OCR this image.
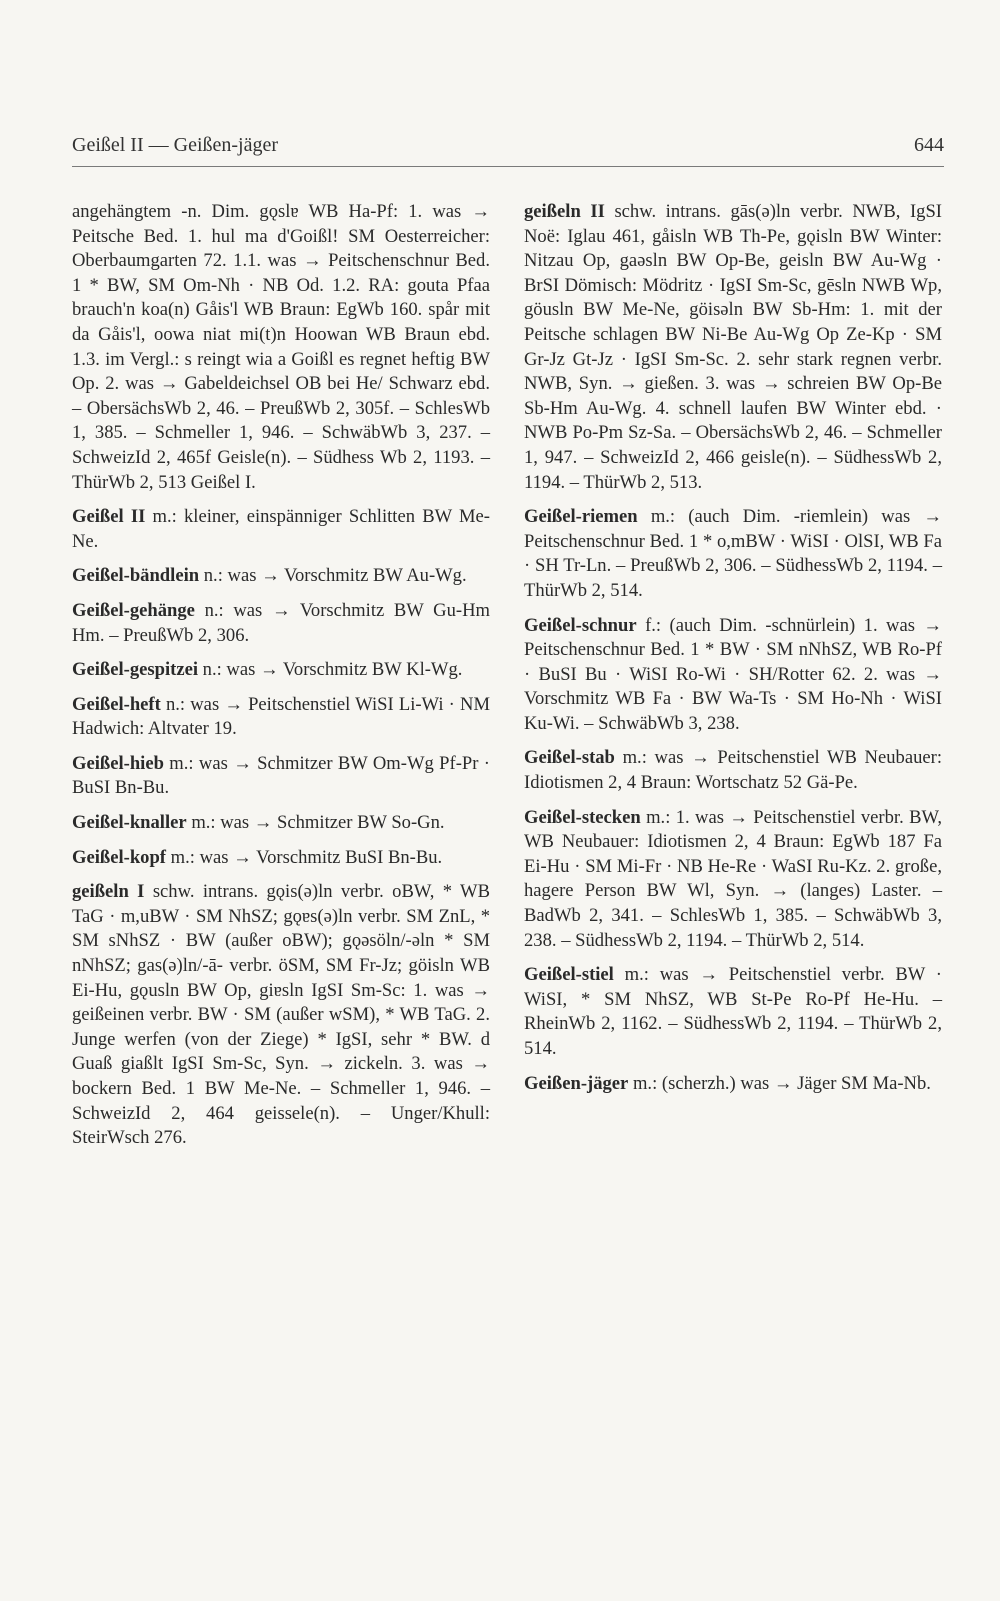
Geißel II — Geißen-jäger	644

angehängtem -n. Dim. gǫslɐ WB Ha-Pf: 1. was → Peitsche Bed. 1. hul ma d'Goißl! SM Oesterreicher: Oberbaumgarten 72. 1.1. was → Peitschenschnur Bed. 1 * BW, SM Om-Nh · NB Od. 1.2. RA: gouta Pfaa brauch'n koa(n) Gåis'l WB Braun: EgWb 160. spår mit da Gåis'l, oowa niat mi(t)n Hoowan WB Braun ebd. 1.3. im Vergl.: s reingt wia a Goißl es regnet heftig BW Op. 2. was → Gabeldeichsel OB bei He/ Schwarz ebd. – ObersächsWb 2, 46. – PreußWb 2, 305f. – SchlesWb 1, 385. – Schmeller 1, 946. – SchwäbWb 3, 237. – SchweizId 2, 465f Geisle(n). – Südhess Wb 2, 1193. – ThürWb 2, 513 Geißel I.

Geißel II m.: kleiner, einspänniger Schlitten BW Me-Ne.

Geißel-bändlein n.: was → Vorschmitz BW Au-Wg.

Geißel-gehänge n.: was → Vorschmitz BW Gu-Hm Hm. – PreußWb 2, 306.

Geißel-gespitzei n.: was → Vorschmitz BW Kl-Wg.

Geißel-heft n.: was → Peitschenstiel WiSI Li-Wi · NM Hadwich: Altvater 19.

Geißel-hieb m.: was → Schmitzer BW Om-Wg Pf-Pr · BuSI Bn-Bu.

Geißel-knaller m.: was → Schmitzer BW So-Gn.

Geißel-kopf m.: was → Vorschmitz BuSI Bn-Bu.

geißeln I schw. intrans. gǫis(ə)ln verbr. oBW, * WB TaG · m,uBW · SM NhSZ; gǫɐs(ə)ln verbr. SM ZnL, * SM sNhSZ · BW (außer oBW); gǫəsöln/-əln * SM nNhSZ; gas(ə)ln/-ā- verbr. öSM, SM Fr-Jz; göisln WB Ei-Hu, gǫusln BW Op, giɐsln IgSI Sm-Sc: 1. was → geißeinen verbr. BW · SM (außer wSM), * WB TaG. 2. Junge werfen (von der Ziege) * IgSI, sehr * BW. d Guaß giaßlt IgSI Sm-Sc, Syn. → zickeln. 3. was → bockern Bed. 1 BW Me-Ne. – Schmeller 1, 946. – SchweizId 2, 464 geissele(n). – Unger/Khull: SteirWsch 276.

geißeln II schw. intrans. gās(ə)ln verbr. NWB, IgSI Noë: Iglau 461, gåisln WB Th-Pe, gǫisln BW Winter: Nitzau Op, gaəsln BW Op-Be, geisln BW Au-Wg · BrSI Dömisch: Mödritz · IgSI Sm-Sc, gēsln NWB Wp, göusln BW Me-Ne, göisəln BW Sb-Hm: 1. mit der Peitsche schlagen BW Ni-Be Au-Wg Op Ze-Kp · SM Gr-Jz Gt-Jz · IgSI Sm-Sc. 2. sehr stark regnen verbr. NWB, Syn. → gießen. 3. was → schreien BW Op-Be Sb-Hm Au-Wg. 4. schnell laufen BW Winter ebd. · NWB Po-Pm Sz-Sa. – ObersächsWb 2, 46. – Schmeller 1, 947. – SchweizId 2, 466 geisle(n). – SüdhessWb 2, 1194. – ThürWb 2, 513.

Geißel-riemen m.: (auch Dim. -riemlein) was → Peitschenschnur Bed. 1 * o,mBW · WiSI · OlSI, WB Fa · SH Tr-Ln. – PreußWb 2, 306. – SüdhessWb 2, 1194. – ThürWb 2, 514.

Geißel-schnur f.: (auch Dim. -schnürlein) 1. was → Peitschenschnur Bed. 1 * BW · SM nNhSZ, WB Ro-Pf · BuSI Bu · WiSI Ro-Wi · SH/Rotter 62. 2. was → Vorschmitz WB Fa · BW Wa-Ts · SM Ho-Nh · WiSI Ku-Wi. – SchwäbWb 3, 238.

Geißel-stab m.: was → Peitschenstiel WB Neubauer: Idiotismen 2, 4 Braun: Wortschatz 52 Gä-Pe.

Geißel-stecken m.: 1. was → Peitschenstiel verbr. BW, WB Neubauer: Idiotismen 2, 4 Braun: EgWb 187 Fa Ei-Hu · SM Mi-Fr · NB He-Re · WaSI Ru-Kz. 2. große, hagere Person BW Wl, Syn. → (langes) Laster. – BadWb 2, 341. – SchlesWb 1, 385. – SchwäbWb 3, 238. – SüdhessWb 2, 1194. – ThürWb 2, 514.

Geißel-stiel m.: was → Peitschenstiel verbr. BW · WiSI, * SM NhSZ, WB St-Pe Ro-Pf He-Hu. – RheinWb 2, 1162. – SüdhessWb 2, 1194. – ThürWb 2, 514.

Geißen-jäger m.: (scherzh.) was → Jäger SM Ma-Nb.
